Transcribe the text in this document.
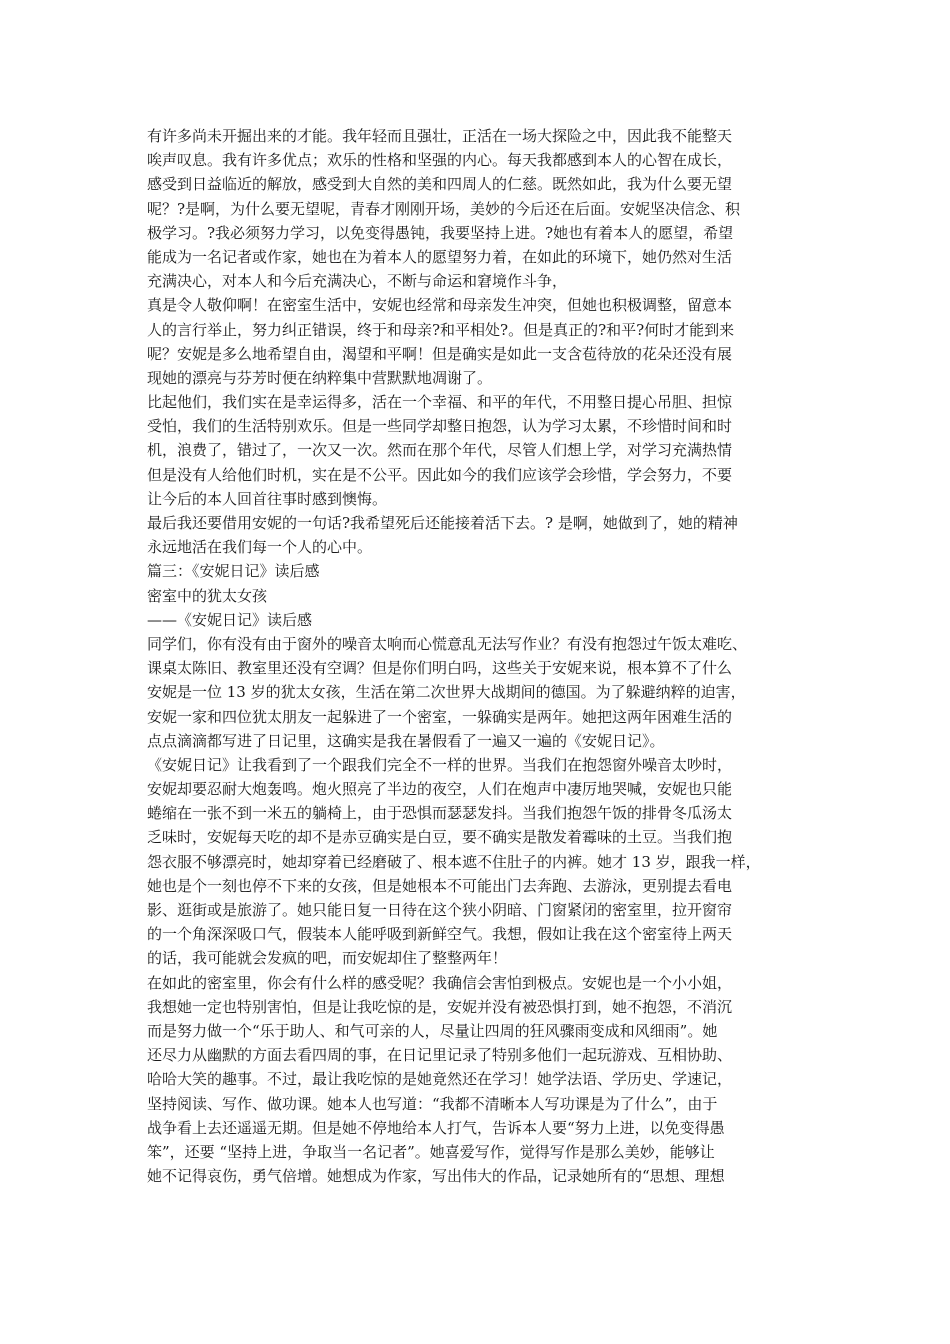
有许多尚未开掘出来的才能。我年轻而且强壮，正活在一场大探险之中，因此我不能整天
唉声叹息。我有许多优点；欢乐的性格和坚强的内心。每天我都感到本人的心智在成长，
感受到日益临近的解放，感受到大自然的美和四周人的仁慈。既然如此，我为什么要无望
呢？?是啊，为什么要无望呢，青春才刚刚开场，美妙的今后还在后面。安妮坚决信念、积
极学习。?我必须努力学习，以免变得愚钝，我要坚持上进。?她也有着本人的愿望，希望
能成为一名记者或作家，她也在为着本人的愿望努力着，在如此的环境下，她仍然对生活
充满决心，对本人和今后充满决心，不断与命运和窘境作斗争，
真是令人敬仰啊！在密室生活中，安妮也经常和母亲发生冲突，但她也积极调整，留意本
人的言行举止，努力纠正错误，终于和母亲?和平相处?。但是真正的?和平?何时才能到来
呢？安妮是多么地希望自由，渴望和平啊！但是确实是如此一支含苞待放的花朵还没有展
现她的漂亮与芬芳时便在纳粹集中营默默地凋谢了。
比起他们，我们实在是幸运得多，活在一个幸福、和平的年代，不用整日提心吊胆、担惊
受怕，我们的生活特别欢乐。但是一些同学却整日抱怨，认为学习太累，不珍惜时间和时
机，浪费了，错过了，一次又一次。然而在那个年代，尽管人们想上学，对学习充满热情
但是没有人给他们时机，实在是不公平。因此如今的我们应该学会珍惜，学会努力，不要
让今后的本人回首往事时感到懊悔。
最后我还要借用安妮的一句话?我希望死后还能接着活下去。? 是啊，她做到了，她的精神
永远地活在我们每一个人的心中。
篇三：《安妮日记》读后感
密室中的犹太女孩
——《安妮日记》读后感
同学们，你有没有由于窗外的噪音太响而心慌意乱无法写作业？有没有抱怨过午饭太难吃、
课桌太陈旧、教室里还没有空调？但是你们明白吗，这些关于安妮来说，根本算不了什么
安妮是一位 13 岁的犹太女孩，生活在第二次世界大战期间的德国。为了躲避纳粹的迫害，
安妮一家和四位犹太朋友一起躲进了一个密室，一躲确实是两年。她把这两年困难生活的
点点滴滴都写进了日记里，这确实是我在暑假看了一遍又一遍的《安妮日记》。
《安妮日记》让我看到了一个跟我们完全不一样的世界。当我们在抱怨窗外噪音太吵时，
安妮却要忍耐大炮轰鸣。炮火照亮了半边的夜空，人们在炮声中凄厉地哭喊，安妮也只能
蜷缩在一张不到一米五的躺椅上，由于恐惧而瑟瑟发抖。当我们抱怨午饭的排骨冬瓜汤太
乏味时，安妮每天吃的却不是赤豆确实是白豆，要不确实是散发着霉味的土豆。当我们抱
怨衣服不够漂亮时，她却穿着已经磨破了、根本遮不住肚子的内裤。她才 13 岁，跟我一样，
她也是个一刻也停不下来的女孩，但是她根本不可能出门去奔跑、去游泳，更别提去看电
影、逛街或是旅游了。她只能日复一日待在这个狭小阴暗、门窗紧闭的密室里，拉开窗帘
的一个角深深吸口气，假装本人能呼吸到新鲜空气。我想，假如让我在这个密室待上两天
的话，我可能就会发疯的吧，而安妮却住了整整两年！
在如此的密室里，你会有什么样的感受呢？我确信会害怕到极点。安妮也是一个小小姐，
我想她一定也特别害怕，但是让我吃惊的是，安妮并没有被恐惧打到，她不抱怨，不消沉
而是努力做一个“乐于助人、和气可亲的人，尽量让四周的狂风骤雨变成和风细雨”。她
还尽力从幽默的方面去看四周的事，在日记里记录了特别多他们一起玩游戏、互相协助、
哈哈大笑的趣事。不过，最让我吃惊的是她竟然还在学习！她学法语、学历史、学速记，
坚持阅读、写作、做功课。她本人也写道：“我都不清晰本人写功课是为了什么”，由于
战争看上去还遥遥无期。但是她不停地给本人打气，告诉本人要“努力上进，以免变得愚
笨”，还要 “坚持上进，争取当一名记者”。她喜爱写作，觉得写作是那么美妙，能够让
她不记得哀伤，勇气倍增。她想成为作家，写出伟大的作品，记录她所有的“思想、理想
